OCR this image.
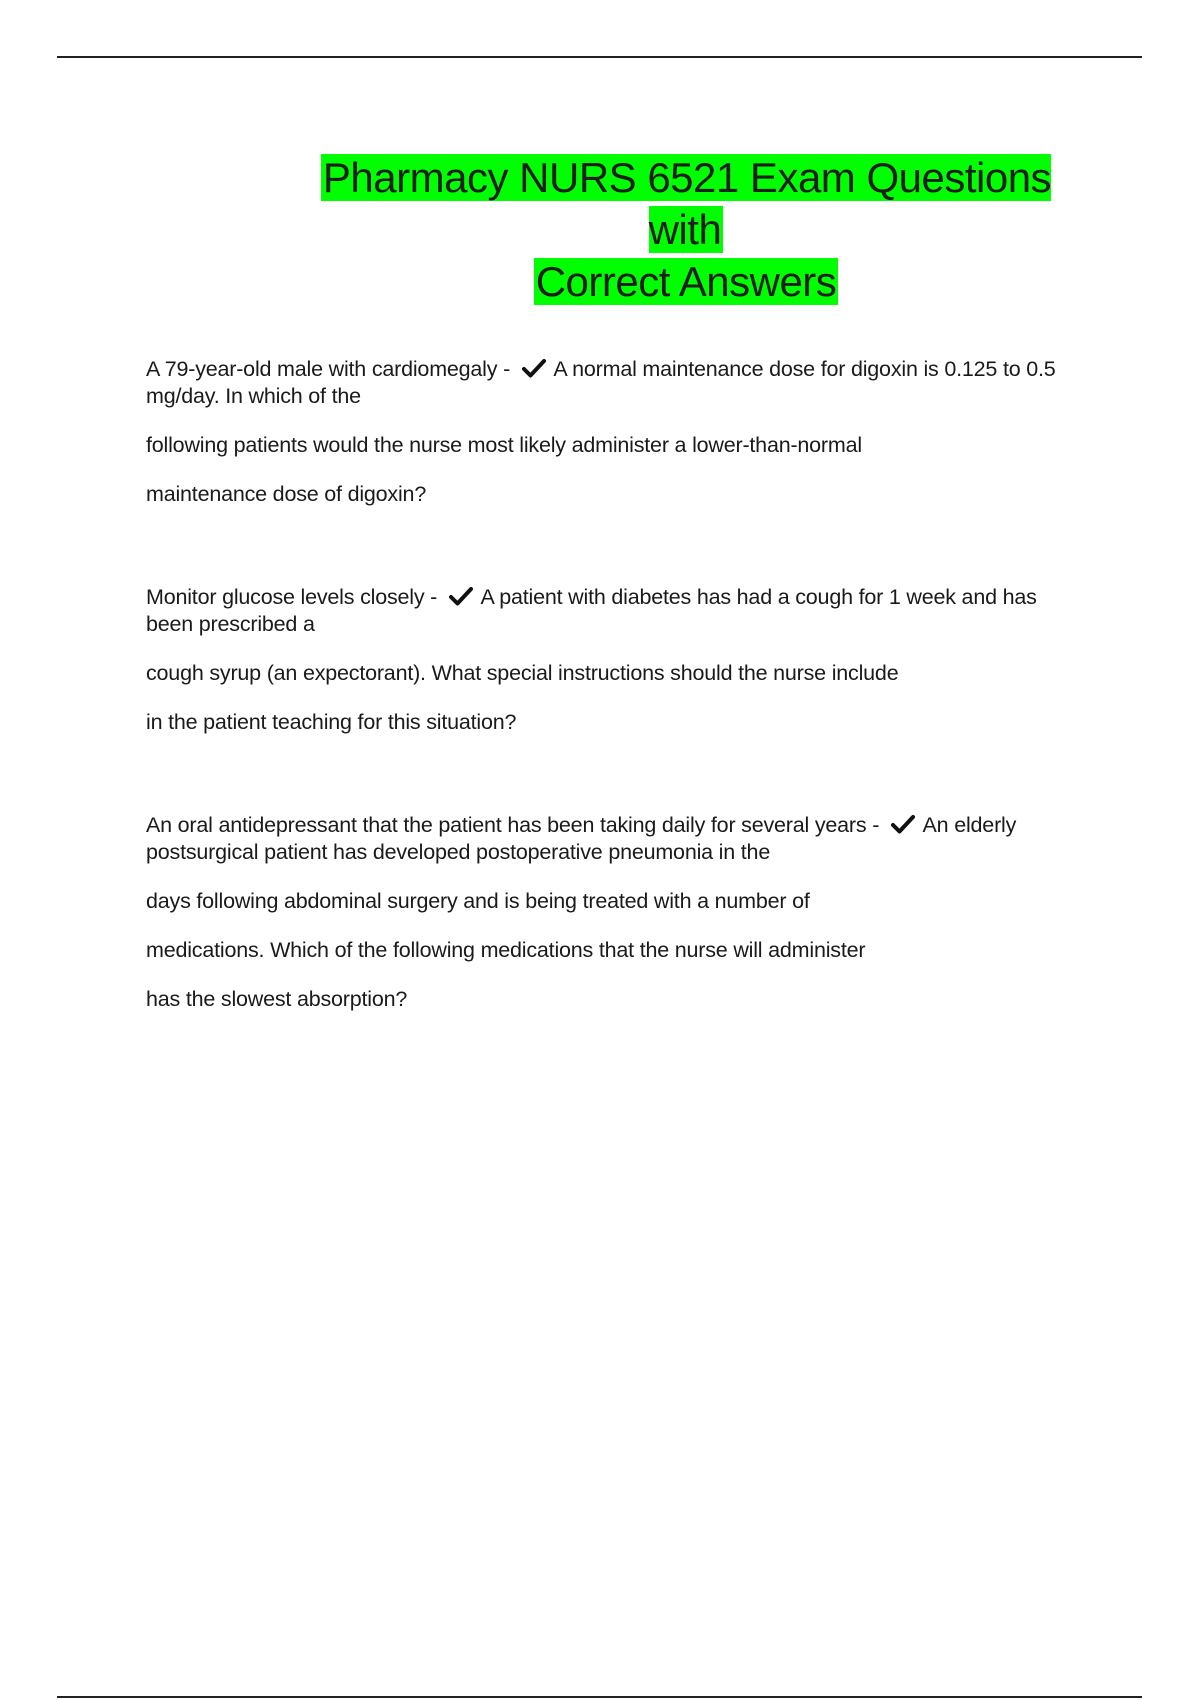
Pharmacy NURS 6521 Exam Questions with
Correct Answers

A 79-year-old male with cardiomegaly - A normal maintenance dose for digoxin is 0.125 to 0.5 mg/day. In which of the

following patients would the nurse most likely administer a lower-than-normal

maintenance dose of digoxin?

Monitor glucose levels closely - A patient with diabetes has had a cough for 1 week and has been prescribed a

cough syrup (an expectorant). What special instructions should the nurse include

in the patient teaching for this situation?

An oral antidepressant that the patient has been taking daily for several years - An elderly postsurgical patient has developed postoperative pneumonia in the

days following abdominal surgery and is being treated with a number of

medications. Which of the following medications that the nurse will administer

has the slowest absorption?
